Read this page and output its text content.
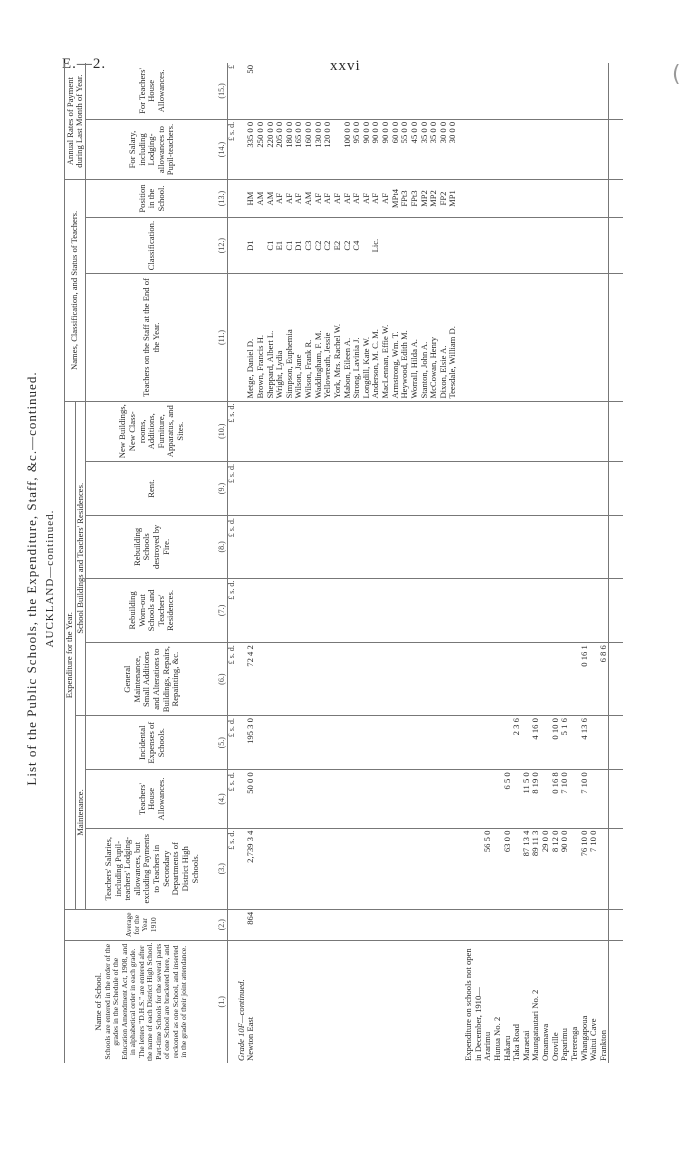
E.—2.	xxvi	(
List of the Public Schools, the Expenditure, Staff, &c.—continued. AUCKLAND—continued.
Name of School. Schools are entered in the order of the grades in the Schedule of the Education Amendment Act, 1908, and in alphabetical order in each grade. The letters "D.H.S." are entered after the name of each District High School. Part-time Schools for the several parts of one School are bracketed here, and reckoned as one School, and inserted in the grade of their joint attendance.	Average for the Year 1910	Expenditure for the Year.								Names, Classification, and Status of Teachers.			Annual Rates of Payment during Last Month of Year.	
		Maintenance.			School Buildings and Teachers' Residences.									
		Teachers' Salaries, including Pupil-teachers' Lodging-allowances, but excluding Payments to Teachers in Secondary Departments of District High Schools.	Teachers' House Allowances.	Incidental Expenses of Schools.	General Maintenance, Small Additions and Alterations to Buildings, Repairs, Repainting, &c.	Rebuilding Worn-out Schools and Teachers' Residences.	Rebuilding Schools destroyed by Fire.	Rent.	New Buildings, New Class-rooms, Additions, Furniture, Apparatus, and Sites.	Teachers on the Staff at the End of the Year.	Classification.	Position in the School.	For Salary, including Lodging-allowances to Pupil-teachers.	For Teachers' House Allowances.
(1.)	(2.)	(3.)	(4.)	(5.)	(6.)	(7.)	(8.)	(9.)	(10.)	(11.)	(12.)	(13.)	(14.)	(15.)
		£ s. d.	£ s. d.	£ s. d.	£ s. d.	£ s. d.	£ s. d.	£ s. d.	£ s. d.				£ s. d.	£
Grade 10F—continued.														
Newton East	864	2,739 3 4	50 0 0	195 3 0	72 4 2					Metge, Daniel D.	D1	HM	335 0 0	50
										Brown, Francis H.		AM	250 0 0	
										Sheppard, Albert L.	C1	AM	220 0 0	
										Wright, Lydia	E1	AF	205 0 0	
										Simpson, Euphemia	C1	AF	180 0 0	
										Wilson, Jane	D1	AF	165 0 0	
										Wilson, Frank R.	C3	AM	160 0 0	
										Waddingham, F. M.	C2	AF	130 0 0	
										Yellowreath, Jessie	C2	AF	120 0 0	
										York, Mrs. Rachel W.	E2	AF		
										Mabon, Eileen A.	C2	AF	100 0 0	
										Strong, Lavinia J.	C4	AF	95 0 0	
										Longdill, Kate W.		AF	90 0 0	
										Anderson, M. C. M.	Lic.	AF	90 0 0	
										MacLennan, Effie W.		AF	90 0 0	
										Armstrong, Wm. T.		MPt4	60 0 0	
										Heywood, Edith M.		FPt3	55 0 0	
										Worrall, Hilda A.		FPt3	45 0 0	
										Stanton, John A.		MP2	35 0 0	
										McCowan, Henry		MP2	35 0 0	
										Dixon, Elsie A.		FP2	30 0 0	
										Teesdale, William D.		MP1	30 0 0	
Expenditure on schools not open in December, 1910—														
Ararimu		56 5 0												
Hunua No. 2														
Hakaru		63 0 0	6 5 0											
Taka Road				2 3 6										
Maraetai		87 13 4	11 5 0											
Maungatautari No. 2		89 11 3	8 19 0	4 16 0										
Omamawa		29 0 0												
Oroville		8 12 0	0 16 8	0 10 0										
Paparimu		90 0 0	7 10 0	5 1 6										
Tererenga														
Whangapoua		76 10 0	7 10 0	4 13 6	0 16 1									
Waitui Cave		7 10 0												
Frankton					6 8 6									
